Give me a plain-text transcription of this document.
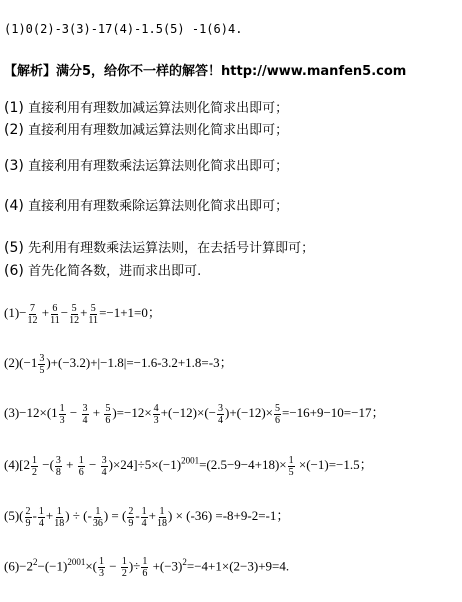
(1)0(2)-3(3)-17(4)-1.5(5) -1(6)4.
【解析】满分5，给你不一样的解答！http://www.manfen5.com
(1) 直接利用有理数加减运算法则化简求出即可；
(2) 直接利用有理数加减运算法则化简求出即可；
(3) 直接利用有理数乘法运算法则化简求出即可；
(4) 直接利用有理数乘除运算法则化简求出即可；
(5) 先利用有理数乘法运算法则，在去括号计算即可；
(6) 首先化简各数，进而求出即可.
$(1)- \frac{7}{12} + \frac{6}{11} - \frac{5}{12} + \frac{5}{11} =-1+1=0$；
$(2)(-1 \frac{3}{5} )+(-3.2)+|-1.8|=-1.6-3.2+1.8=-3$；
$(3)-12\times(1 \frac{1}{3} - \frac{3}{4} + \frac{5}{6} )=-12\times \frac{4}{3} +(-12)\times(- \frac{3}{4} )+(-12)\times \frac{5}{6} =-16+9-10=-17$；
$(4)[2 \frac{1}{2}$ −( $\frac{3}{8} + \frac{1}{6} - \frac{3}{4} )\times 24]\div 5\times(-1)^{2001}=(2.5-9-4+18)\times \frac{1}{5} \times(-1)=-1.5$；
$(5)( \frac{2}{9} - \frac{1}{4} + \frac{1}{18}$ ) ÷ (- $\frac{1}{36}$ ) = ( $\frac{2}{9} - \frac{1}{4} + \frac{1}{18}$ ) × (-36) =-8+9-2=-1；
$(6)-2^2-(-1)^{2001}\times( \frac{1}{3} - \frac{1}{2}$ )÷ $\frac{1}{6} +(-3)^2=-4+1\times(2-3)+9=4$.
